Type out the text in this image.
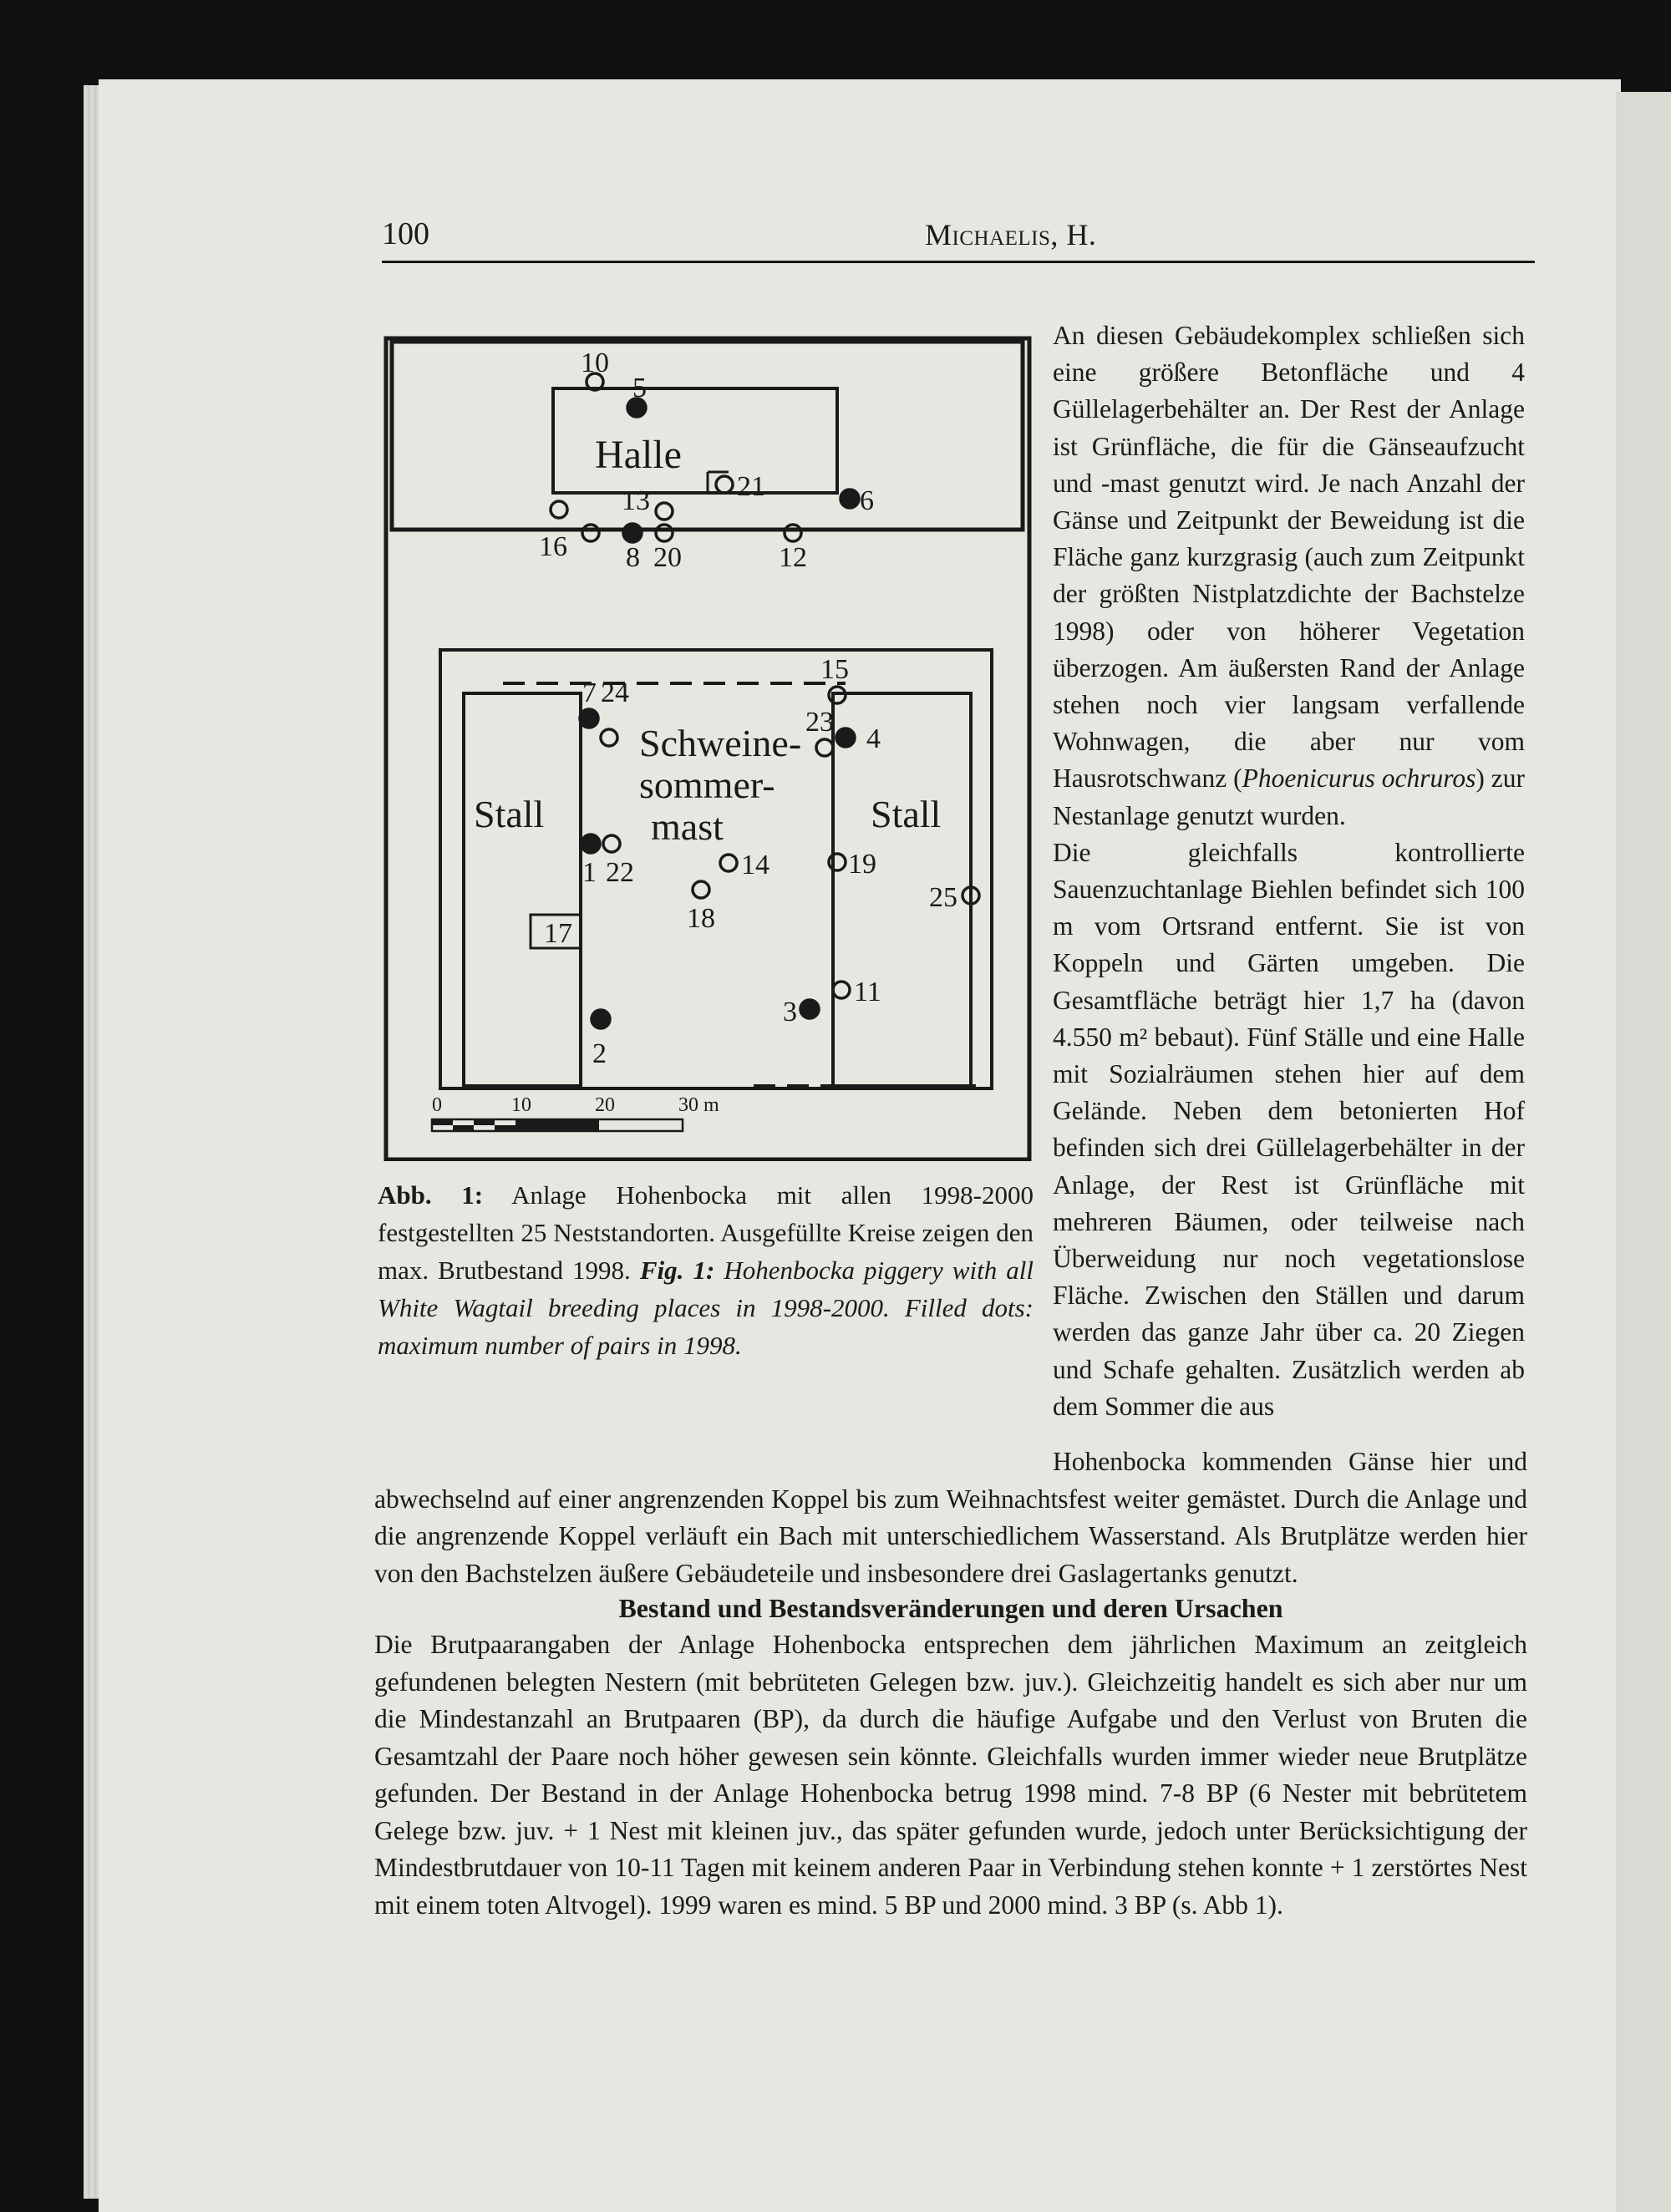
100	Michaelis, H.
Halle
Stall	Stall
Schweine-
sommer-
mast
10
5
21	6
16
13
8 20	12
15
7 24
23
4
1 22	14
18
19
25
17
11
3
2
0	10	20	30 m
Abb. 1: Anlage Hohenbocka mit allen 1998-2000 festgestellten 25 Neststandorten. Ausgefüllte Kreise zeigen den max. Brutbestand 1998. Fig. 1: Hohenbocka piggery with all White Wagtail breeding places in 1998-2000. Filled dots: maximum number of pairs in 1998.

An diesen Gebäudekomplex schließen sich eine größere Betonfläche und 4 Güllelagerbehälter an. Der Rest der Anlage ist Grünfläche, die für die Gänseaufzucht und -mast genutzt wird. Je nach Anzahl der Gänse und Zeitpunkt der Beweidung ist die Fläche ganz kurzgrasig (auch zum Zeitpunkt der größten Nistplatzdichte der Bachstelze 1998) oder von höherer Vegetation überzogen. Am äußersten Rand der Anlage stehen noch vier langsam verfallende Wohnwagen, die aber nur vom Hausrotschwanz (Phoenicurus ochruros) zur Nestanlage genutzt wurden.

Die gleichfalls kontrollierte Sauenzuchtanlage Biehlen befindet sich 100 m vom Ortsrand entfernt. Sie ist von Koppeln und Gärten umgeben. Die Gesamtfläche beträgt hier 1,7 ha (davon 4.550 m² bebaut). Fünf Ställe und eine Halle mit Sozialräumen stehen hier auf dem Gelände. Neben dem betonierten Hof befinden sich drei Güllelagerbehälter in der Anlage, der Rest ist Grünfläche mit mehreren Bäumen, oder teilweise nach Überweidung nur noch vegetationslose Fläche. Zwischen den Ställen und darum werden das ganze Jahr über ca. 20 Ziegen und Schafe gehalten. Zusätzlich werden ab dem Sommer die aus

Hohenbocka kommenden Gänse hier und
abwechselnd auf einer angrenzenden Koppel bis zum Weihnachtsfest weiter gemästet. Durch die Anlage und die angrenzende Koppel verläuft ein Bach mit unterschiedlichem Wasserstand. Als Brutplätze werden hier von den Bachstelzen äußere Gebäudeteile und insbesondere drei Gaslagertanks genutzt.

Bestand und Bestandsveränderungen und deren Ursachen
Die Brutpaarangaben der Anlage Hohenbocka entsprechen dem jährlichen Maximum an zeitgleich gefundenen belegten Nestern (mit bebrüteten Gelegen bzw. juv.). Gleichzeitig handelt es sich aber nur um die Mindestanzahl an Brutpaaren (BP), da durch die häufige Aufgabe und den Verlust von Bruten die Gesamtzahl der Paare noch höher gewesen sein könnte. Gleichfalls wurden immer wieder neue Brutplätze gefunden. Der Bestand in der Anlage Hohenbocka betrug 1998 mind. 7-8 BP (6 Nester mit bebrütetem Gelege bzw. juv. + 1 Nest mit kleinen juv., das später gefunden wurde, jedoch unter Berücksichtigung der Mindestbrutdauer von 10-11 Tagen mit keinem anderen Paar in Verbindung stehen konnte + 1 zerstörtes Nest mit einem toten Altvogel). 1999 waren es mind. 5 BP und 2000 mind. 3 BP (s. Abb 1).
